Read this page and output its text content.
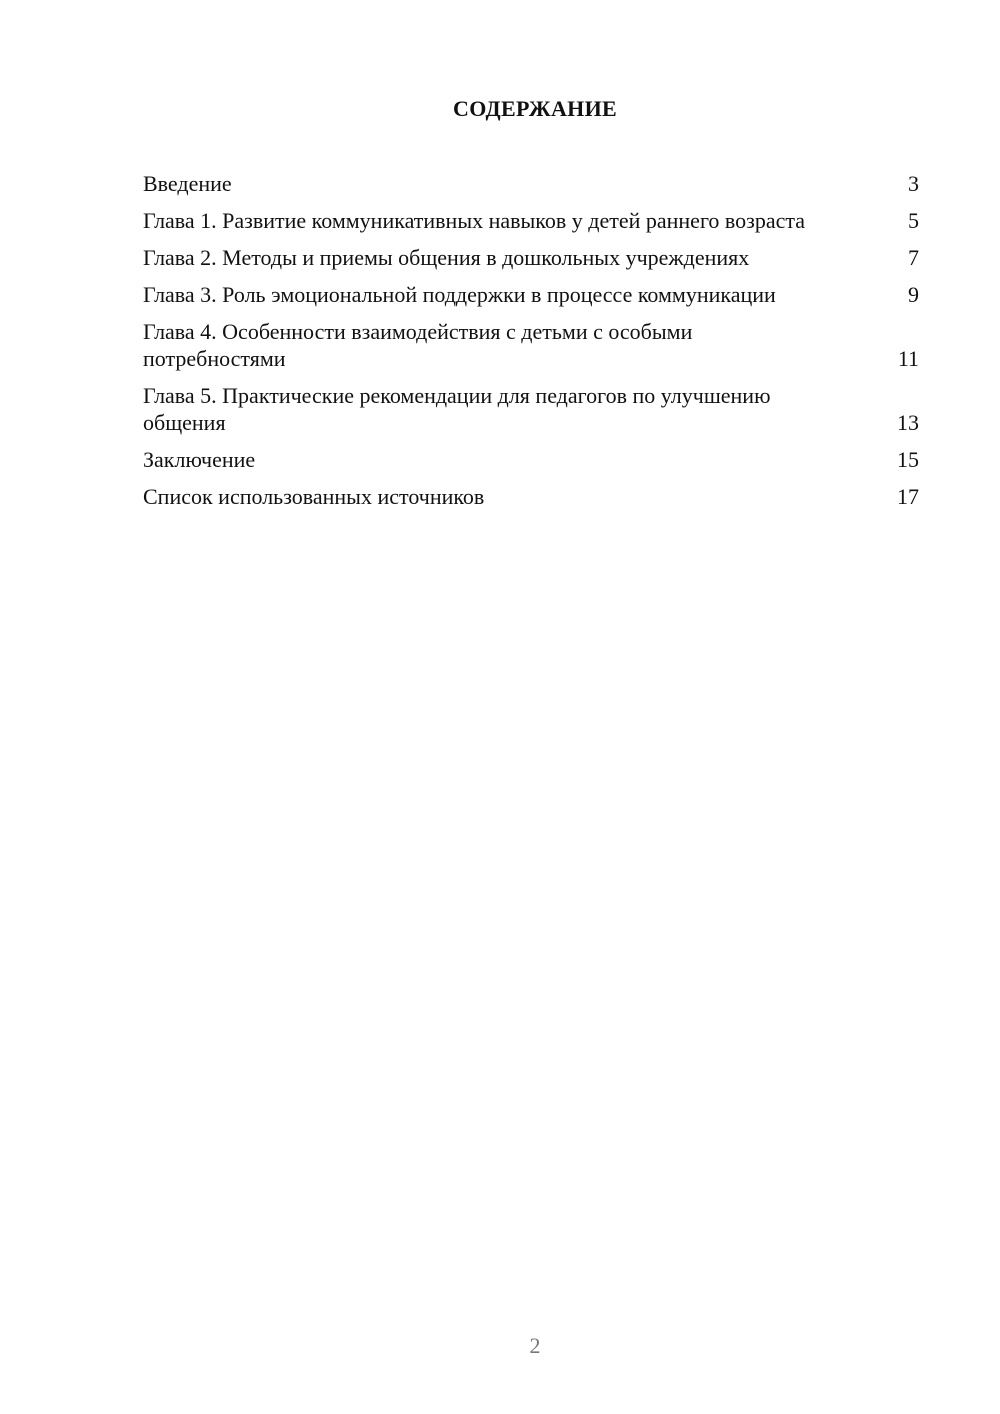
СОДЕРЖАНИЕ
Введение	3
Глава 1. Развитие коммуникативных навыков у детей раннего возраста	5
Глава 2. Методы и приемы общения в дошкольных учреждениях	7
Глава 3. Роль эмоциональной поддержки в процессе коммуникации	9
Глава 4. Особенности взаимодействия с детьми с особыми потребностями	11
Глава 5. Практические рекомендации для педагогов по улучшению общения	13
Заключение	15
Список использованных источников	17
2
